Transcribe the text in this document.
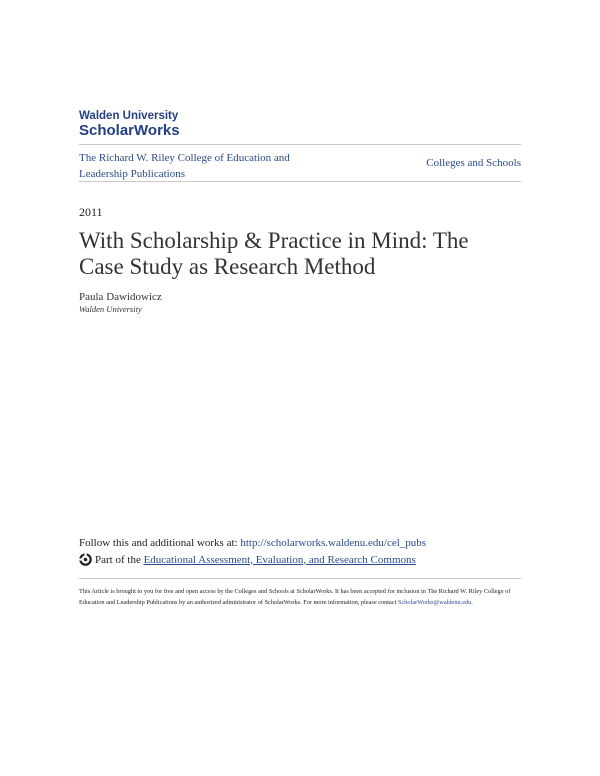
Walden University
ScholarWorks
The Richard W. Riley College of Education and Leadership Publications
Colleges and Schools
2011
With Scholarship & Practice in Mind: The Case Study as Research Method
Paula Dawidowicz
Walden University
Follow this and additional works at: http://scholarworks.waldenu.edu/cel_pubs
Part of the
Educational Assessment, Evaluation, and Research Commons
This Article is brought to you for free and open access by the Colleges and Schools at ScholarWorks. It has been accepted for inclusion in The Richard W. Riley College of Education and Leadership Publications by an authorized administrator of ScholarWorks. For more information, please contact ScholarWorks@waldenu.edu.
